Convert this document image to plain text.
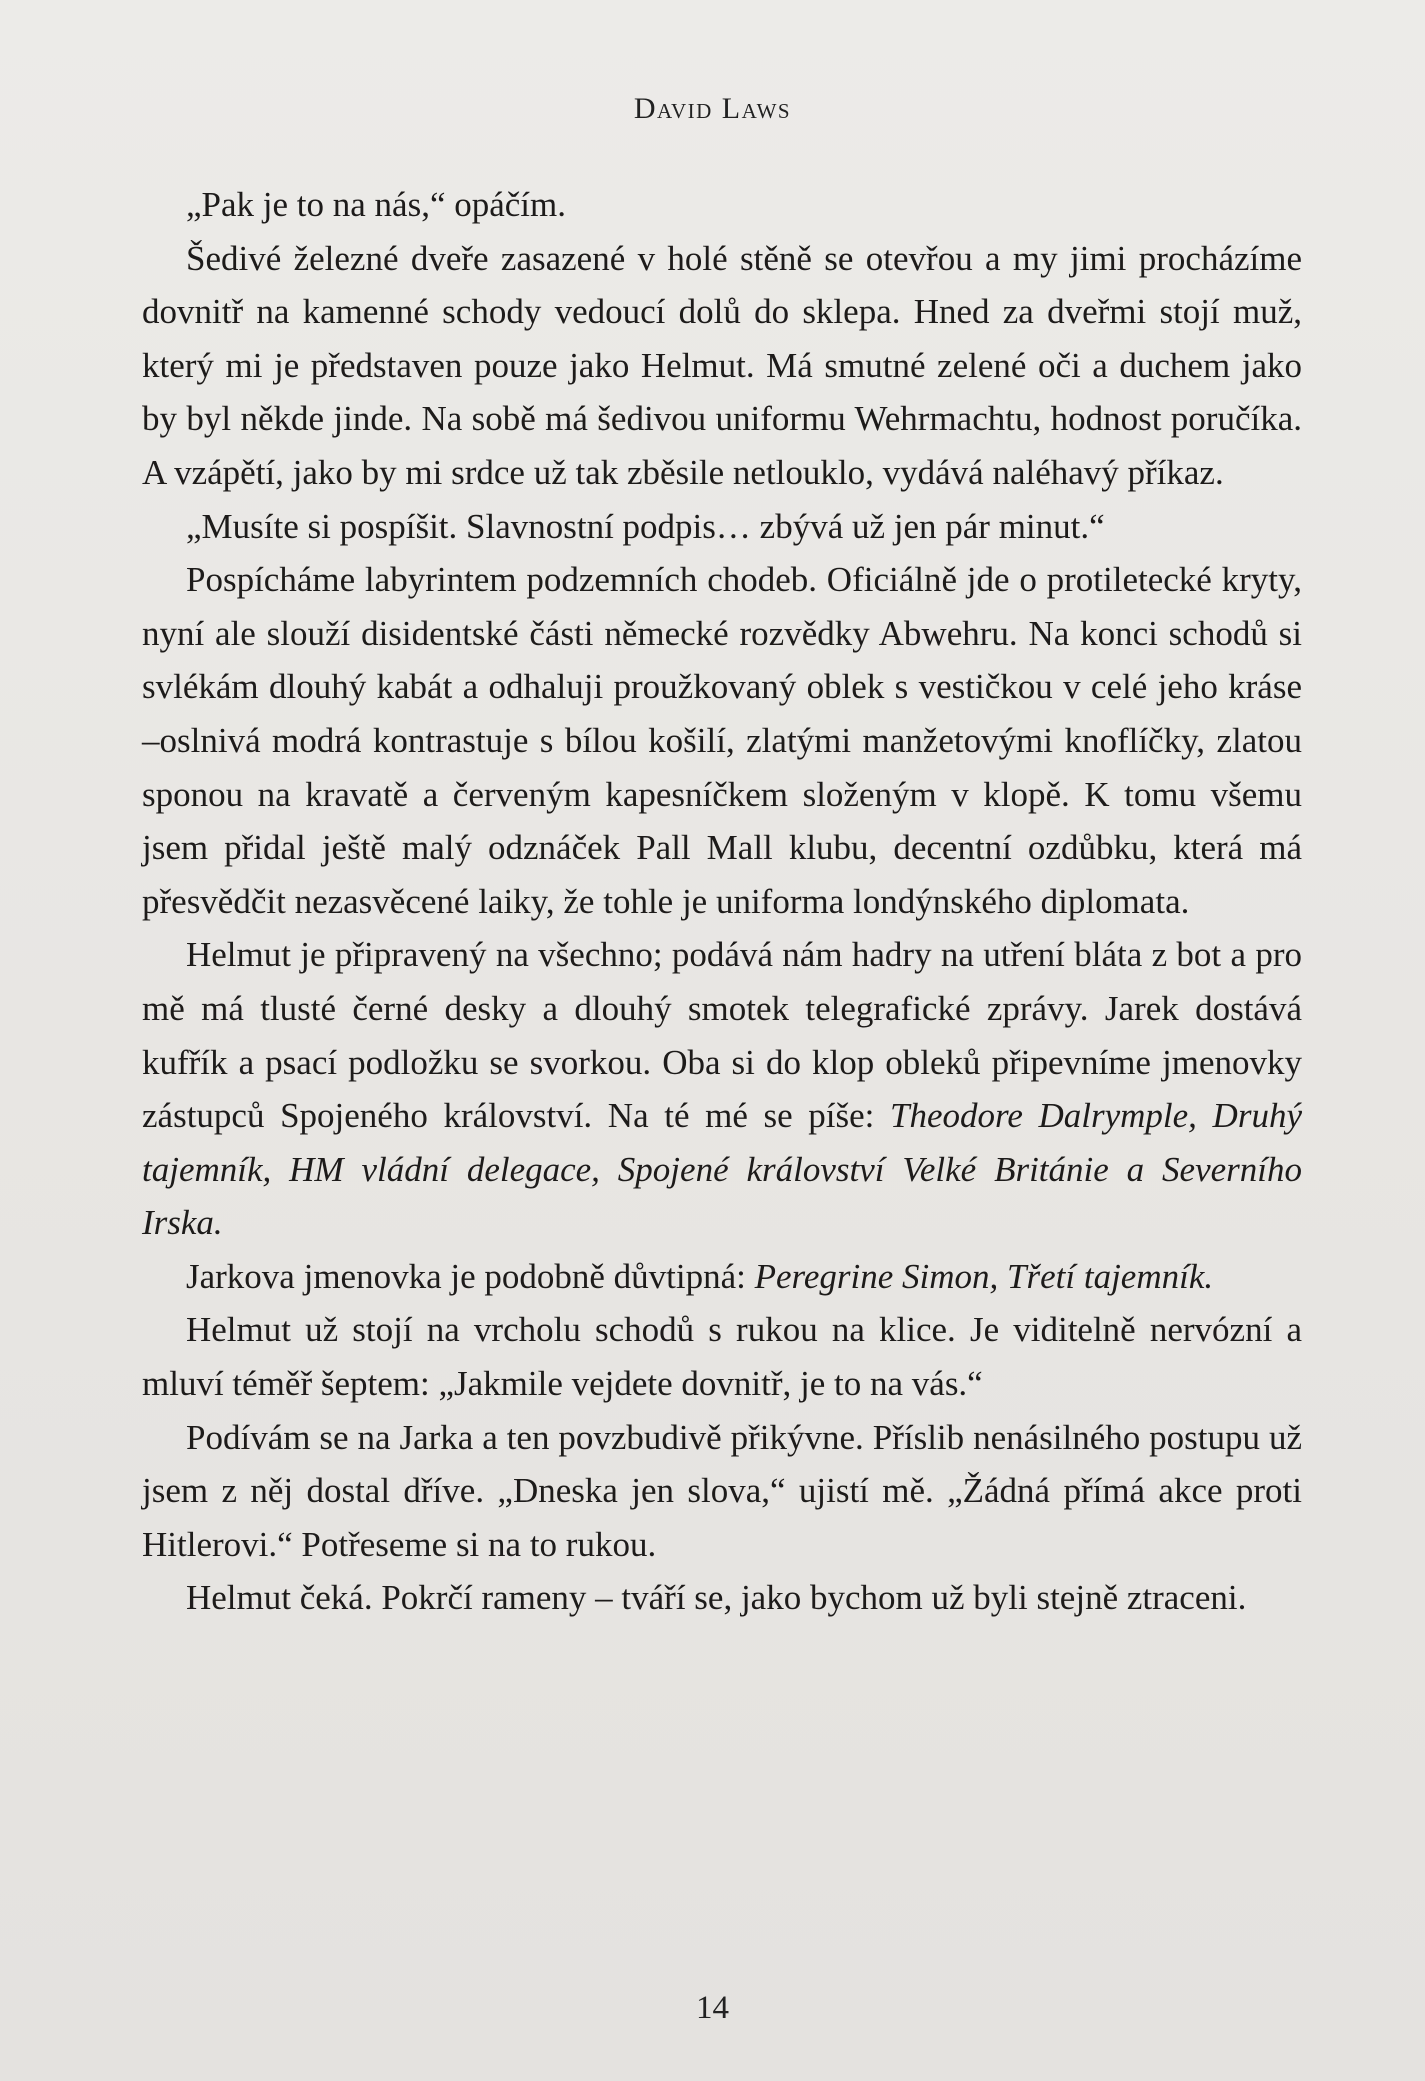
David Laws

„Pak je to na nás,“ opáčím.

Šedivé železné dveře zasazené v holé stěně se otevřou a my jimi procházíme dovnitř na kamenné schody vedoucí dolů do sklepa. Hned za dveřmi stojí muž, který mi je představen pouze jako Helmut. Má smutné zelené oči a duchem jako by byl někde jinde. Na sobě má šedivou uniformu Wehrmachtu, hodnost poručíka. A vzápětí, jako by mi srdce už tak zběsile netlouklo, vydává naléhavý příkaz.

„Musíte si pospíšit. Slavnostní podpis… zbývá už jen pár minut.“

Pospícháme labyrintem podzemních chodeb. Oficiálně jde o protiletecké kryty, nyní ale slouží disidentské části německé rozvědky Abwehru. Na konci schodů si svlékám dlouhý kabát a odhaluji proužkovaný oblek s vestičkou v celé jeho kráse –oslnivá modrá kontrastuje s bílou košilí, zlatými manžetovými knoflíčky, zlatou sponou na kravatě a červeným kapesníčkem složeným v klopě. K tomu všemu jsem přidal ještě malý odznáček Pall Mall klubu, decentní ozdůbku, která má přesvědčit nezasvěcené laiky, že tohle je uniforma londýnského diplomata.

Helmut je připravený na všechno; podává nám hadry na utření bláta z bot a pro mě má tlusté černé desky a dlouhý smotek telegrafické zprávy. Jarek dostává kufřík a psací podložku se svorkou. Oba si do klop obleků připevníme jmenovky zástupců Spojeného království. Na té mé se píše: Theodore Dalrymple, Druhý tajemník, HM vládní delegace, Spojené království Velké Británie a Severního Irska.

Jarkova jmenovka je podobně důvtipná: Peregrine Simon, Třetí tajemník.

Helmut už stojí na vrcholu schodů s rukou na klice. Je viditelně nervózní a mluví téměř šeptem: „Jakmile vejdete dovnitř, je to na vás.“

Podívám se na Jarka a ten povzbudivě přikývne. Příslib nenásilného postupu už jsem z něj dostal dříve. „Dneska jen slova,“ ujistí mě. „Žádná přímá akce proti Hitlerovi.“ Potřeseme si na to rukou.

Helmut čeká. Pokrčí rameny – tváří se, jako bychom už byli stejně ztraceni.

14
